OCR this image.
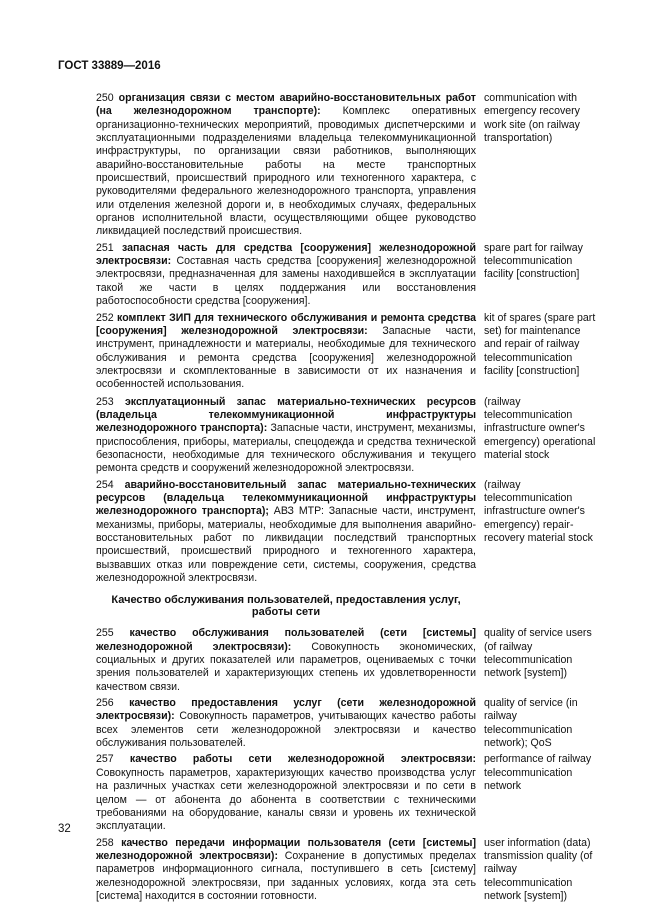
ГОСТ 33889—2016
250 организация связи с местом аварийно-восстановительных работ (на железнодорожном транспорте): Комплекс оперативных организационно-технических мероприятий, проводимых диспетчерскими и эксплуатационными подразделениями владельца телекоммуникационной инфраструктуры, по организации связи работников, выполняющих аварийно-восстановительные работы на месте транспортных происшествий, происшествий природного или техногенного характера, с руководителями федерального железнодорожного транспорта, управления или отделения железной дороги и, в необходимых случаях, федеральных органов исполнительной власти, осуществляющими общее руководство ликвидацией последствий происшествия.
communication with emergency recovery work site (on railway transportation)
251 запасная часть для средства [сооружения] железнодорожной электросвязи: Составная часть средства [сооружения] железнодорожной электросвязи, предназначенная для замены находившейся в эксплуатации такой же части в целях поддержания или восстановления работоспособности средства [сооружения].
spare part for railway telecommunication facility [construction]
252 комплект ЗИП для технического обслуживания и ремонта средства [сооружения] железнодорожной электросвязи: Запасные части, инструмент, принадлежности и материалы, необходимые для технического обслуживания и ремонта средства [сооружения] железнодорожной электросвязи и скомплектованные в зависимости от их назначения и особенностей использования.
kit of spares (spare part set) for maintenance and repair of railway telecommunication facility [construction]
253 эксплуатационный запас материально-технических ресурсов (владельца телекоммуникационной инфраструктуры железнодорожного транспорта): Запасные части, инструмент, механизмы, приспособления, приборы, материалы, спецодежда и средства технической безопасности, необходимые для технического обслуживания и текущего ремонта средств и сооружений железнодорожной электросвязи.
(railway telecommunication infrastructure owner's emergency) operational material stock
254 аварийно-восстановительный запас материально-технических ресурсов (владельца телекоммуникационной инфраструктуры железнодорожного транспорта); АВЗ МТР: Запасные части, инструмент, механизмы, приборы, материалы, необходимые для выполнения аварийно-восстановительных работ по ликвидации последствий транспортных происшествий, происшествий природного и техногенного характера, вызвавших отказ или повреждение сети, системы, сооружения, средства железнодорожной электросвязи.
(railway telecommunication infrastructure owner's emergency) repair-recovery material stock
Качество обслуживания пользователей, предоставления услуг, работы сети
255 качество обслуживания пользователей (сети [системы] железнодорожной электросвязи): Совокупность экономических, социальных и других показателей или параметров, оцениваемых с точки зрения пользователей и характеризующих степень их удовлетворенности качеством связи.
quality of service users (of railway telecommunication network [system])
256 качество предоставления услуг (сети железнодорожной электросвязи): Совокупность параметров, учитывающих качество работы всех элементов сети железнодорожной электросвязи и качество обслуживания пользователей.
quality of service (in railway telecommunication network); QoS
257 качество работы сети железнодорожной электросвязи: Совокупность параметров, характеризующих качество производства услуг на различных участках сети железнодорожной электросвязи и по сети в целом — от абонента до абонента в соответствии с техническими требованиями на оборудование, каналы связи и уровень их технической эксплуатации.
performance of railway telecommunication network
258 качество передачи информации пользователя (сети [системы] железнодорожной электросвязи): Сохранение в допустимых пределах параметров информационного сигнала, поступившего в сеть [систему] железнодорожной электросвязи, при заданных условиях, когда эта сеть [система] находится в состоянии готовности.
user information (data) transmission quality (of railway telecommunication network [system])
32
